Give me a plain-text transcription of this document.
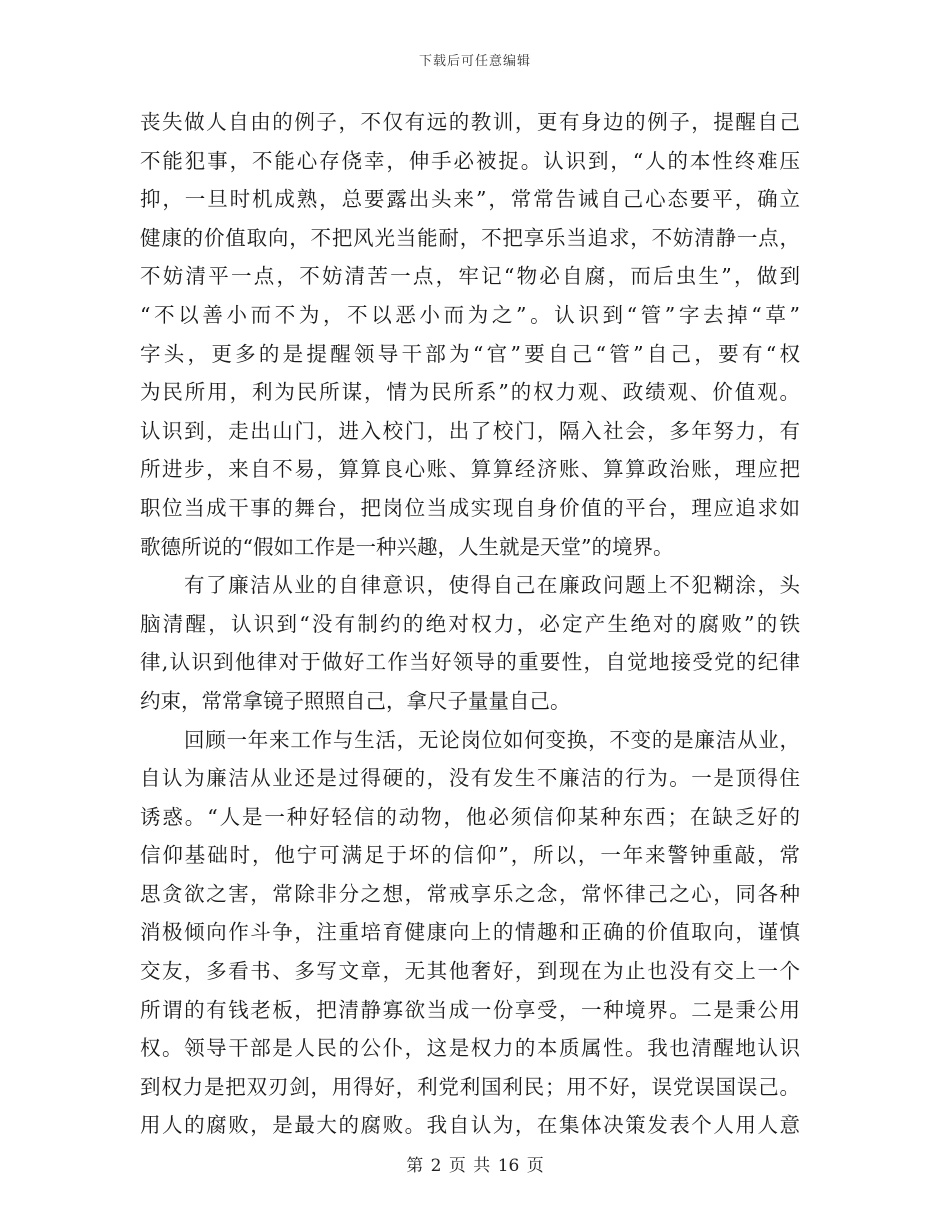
下载后可任意编辑
丧失做人自由的例子，不仅有远的教训，更有身边的例子，提醒自己
不能犯事，不能心存侥幸，伸手必被捉。认识到，“人的本性终难压
抑，一旦时机成熟，总要露出头来”，常常告诫自己心态要平，确立
健康的价值取向，不把风光当能耐，不把享乐当追求，不妨清静一点，
不妨清平一点，不妨清苦一点，牢记“物必自腐，而后虫生”，做到
“不以善小而不为，不以恶小而为之”。认识到“管”字去掉“草”
字头，更多的是提醒领导干部为“官”要自己“管”自己，要有“权
为民所用，利为民所谋，情为民所系”的权力观、政绩观、价值观。
认识到，走出山门，进入校门，出了校门，隔入社会，多年努力，有
所进步，来自不易，算算良心账、算算经济账、算算政治账，理应把
职位当成干事的舞台，把岗位当成实现自身价值的平台，理应追求如
歌德所说的“假如工作是一种兴趣，人生就是天堂”的境界。
有了廉洁从业的自律意识，使得自己在廉政问题上不犯糊涂，头
脑清醒，认识到“没有制约的绝对权力，必定产生绝对的腐败”的铁
律,认识到他律对于做好工作当好领导的重要性，自觉地接受党的纪律
约束，常常拿镜子照照自己，拿尺子量量自己。
回顾一年来工作与生活，无论岗位如何变换，不变的是廉洁从业，
自认为廉洁从业还是过得硬的，没有发生不廉洁的行为。一是顶得住
诱惑。“人是一种好轻信的动物，他必须信仰某种东西；在缺乏好的
信仰基础时，他宁可满足于坏的信仰”，所以，一年来警钟重敲，常
思贪欲之害，常除非分之想，常戒享乐之念，常怀律己之心，同各种
消极倾向作斗争，注重培育健康向上的情趣和正确的价值取向，谨慎
交友，多看书、多写文章，无其他奢好，到现在为止也没有交上一个
所谓的有钱老板，把清静寡欲当成一份享受，一种境界。二是秉公用
权。领导干部是人民的公仆，这是权力的本质属性。我也清醒地认识
到权力是把双刃剑，用得好，利党利国利民；用不好，误党误国误己。
用人的腐败，是最大的腐败。我自认为，在集体决策发表个人用人意
第 2 页 共 16 页
